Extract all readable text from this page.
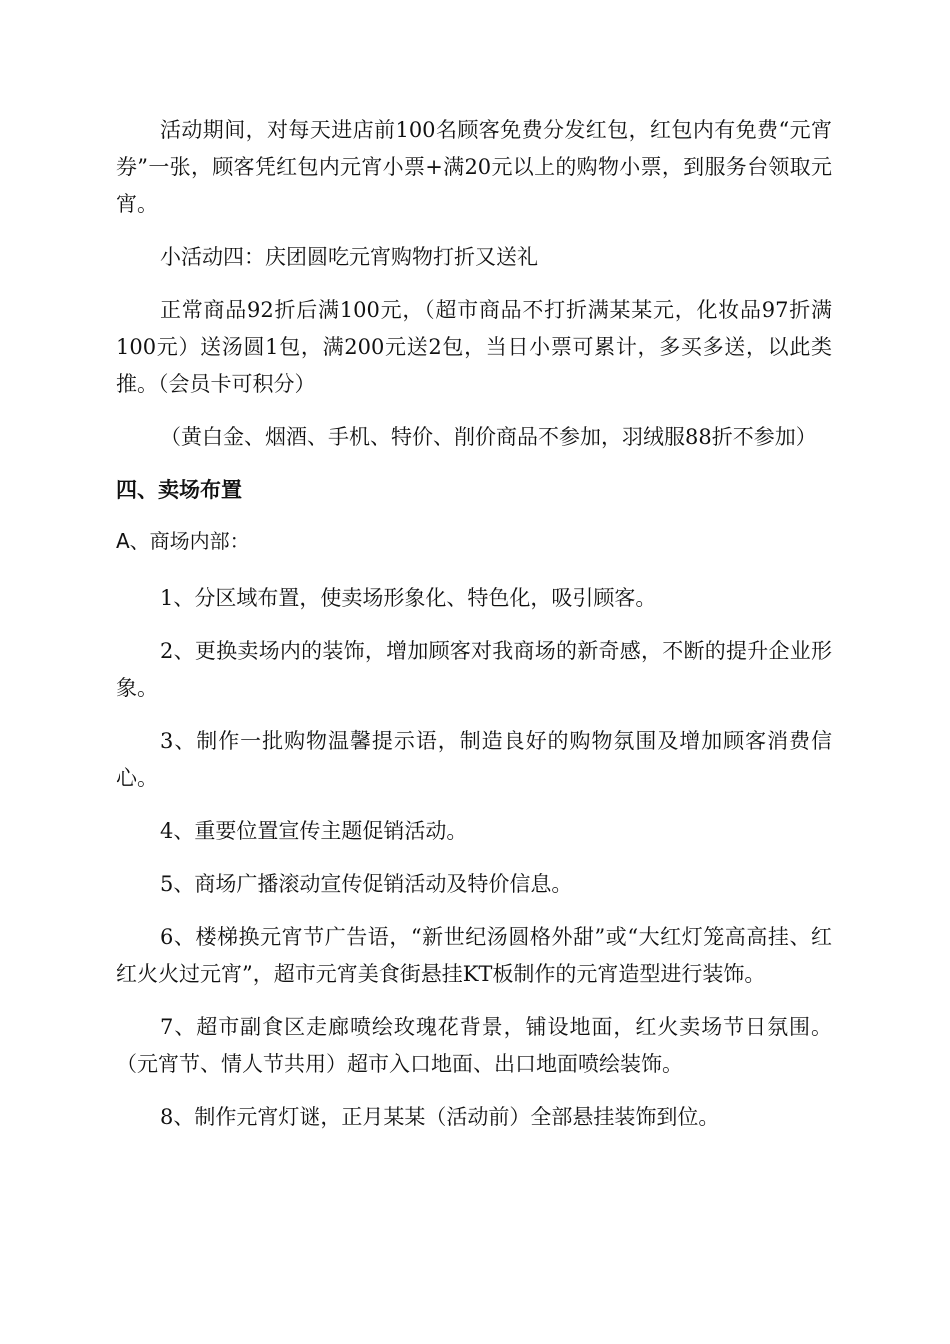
活动期间，对每天进店前100名顾客免费分发红包，红包内有免费“元宵券”一张，顾客凭红包内元宵小票+满20元以上的购物小票，到服务台领取元宵。

小活动四：庆团圆吃元宵购物打折又送礼

正常商品92折后满100元，（超市商品不打折满某某元，化妆品97折满100元）送汤圆1包，满200元送2包，当日小票可累计，多买多送，以此类推。（会员卡可积分）

（黄白金、烟酒、手机、特价、削价商品不参加，羽绒服88折不参加）

四、卖场布置
A、商场内部：

1、分区域布置，使卖场形象化、特色化，吸引顾客。

2、更换卖场内的装饰，增加顾客对我商场的新奇感，不断的提升企业形象。

3、制作一批购物温馨提示语，制造良好的购物氛围及增加顾客消费信心。

4、重要位置宣传主题促销活动。

5、商场广播滚动宣传促销活动及特价信息。

6、楼梯换元宵节广告语，“新世纪汤圆格外甜”或“大红灯笼高高挂、红红火火过元宵”，超市元宵美食街悬挂KT板制作的元宵造型进行装饰。

7、超市副食区走廊喷绘玫瑰花背景，铺设地面，红火卖场节日氛围。（元宵节、情人节共用）超市入口地面、出口地面喷绘装饰。

8、制作元宵灯谜，正月某某（活动前）全部悬挂装饰到位。
